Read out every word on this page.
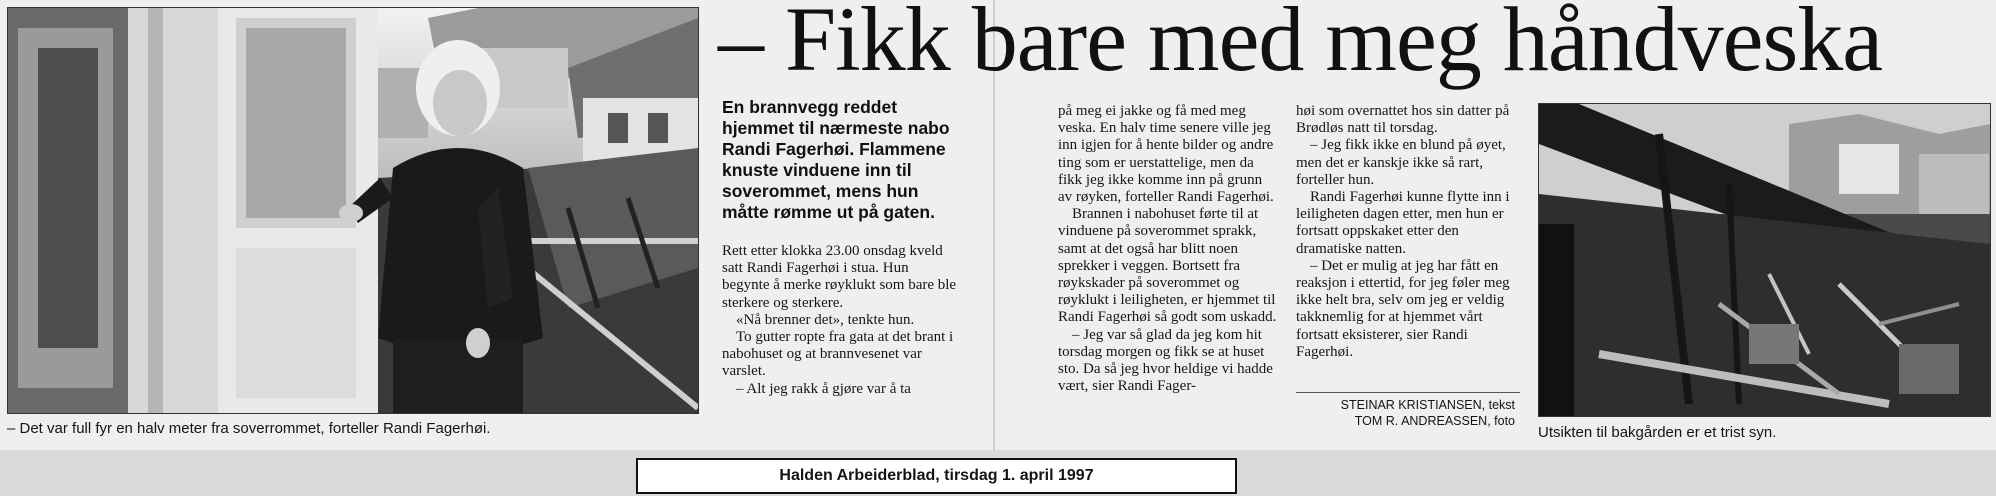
– Fikk bare med meg håndveska
– Det var full fyr en halv meter fra soverrommet, forteller Randi Fagerhøi.
En brannvegg reddet hjemmet til nærmeste nabo Randi Fagerhøi. Flammene knuste vinduene inn til soverommet, mens hun måtte rømme ut på gaten.

Rett etter klokka 23.00 onsdag kveld satt Randi Fagerhøi i stua. Hun begynte å merke røyklukt som bare ble sterkere og sterkere.

«Nå brenner det», tenkte hun.

To gutter ropte fra gata at det brant i nabohuset og at brannvesenet var varslet.

– Alt jeg rakk å gjøre var å ta

på meg ei jakke og få med meg veska. En halv time senere ville jeg inn igjen for å hente bilder og andre ting som er uerstattelige, men da fikk jeg ikke komme inn på grunn av røyken, forteller Randi Fagerhøi.

Brannen i nabohuset førte til at vinduene på soverommet sprakk, samt at det også har blitt noen sprekker i veggen. Bortsett fra røykskader på soverommet og røyklukt i leiligheten, er hjemmet til Randi Fagerhøi så godt som uskadd.

– Jeg var så glad da jeg kom hit torsdag morgen og fikk se at huset sto. Da så jeg hvor heldige vi hadde vært, sier Randi Fager-

høi som overnattet hos sin datter på Brødløs natt til torsdag.

– Jeg fikk ikke en blund på øyet, men det er kanskje ikke så rart, forteller hun.

Randi Fagerhøi kunne flytte inn i leiligheten dagen etter, men hun er fortsatt oppskaket etter den dramatiske natten.

– Det er mulig at jeg har fått en reaksjon i ettertid, for jeg føler meg ikke helt bra, selv om jeg er veldig takknemlig for at hjemmet vårt fortsatt eksisterer, sier Randi Fagerhøi.

STEINAR KRISTIANSEN, tekst
TOM R. ANDREASSEN, foto
Utsikten til bakgården er et trist syn.
Halden Arbeiderblad, tirsdag 1. april 1997
